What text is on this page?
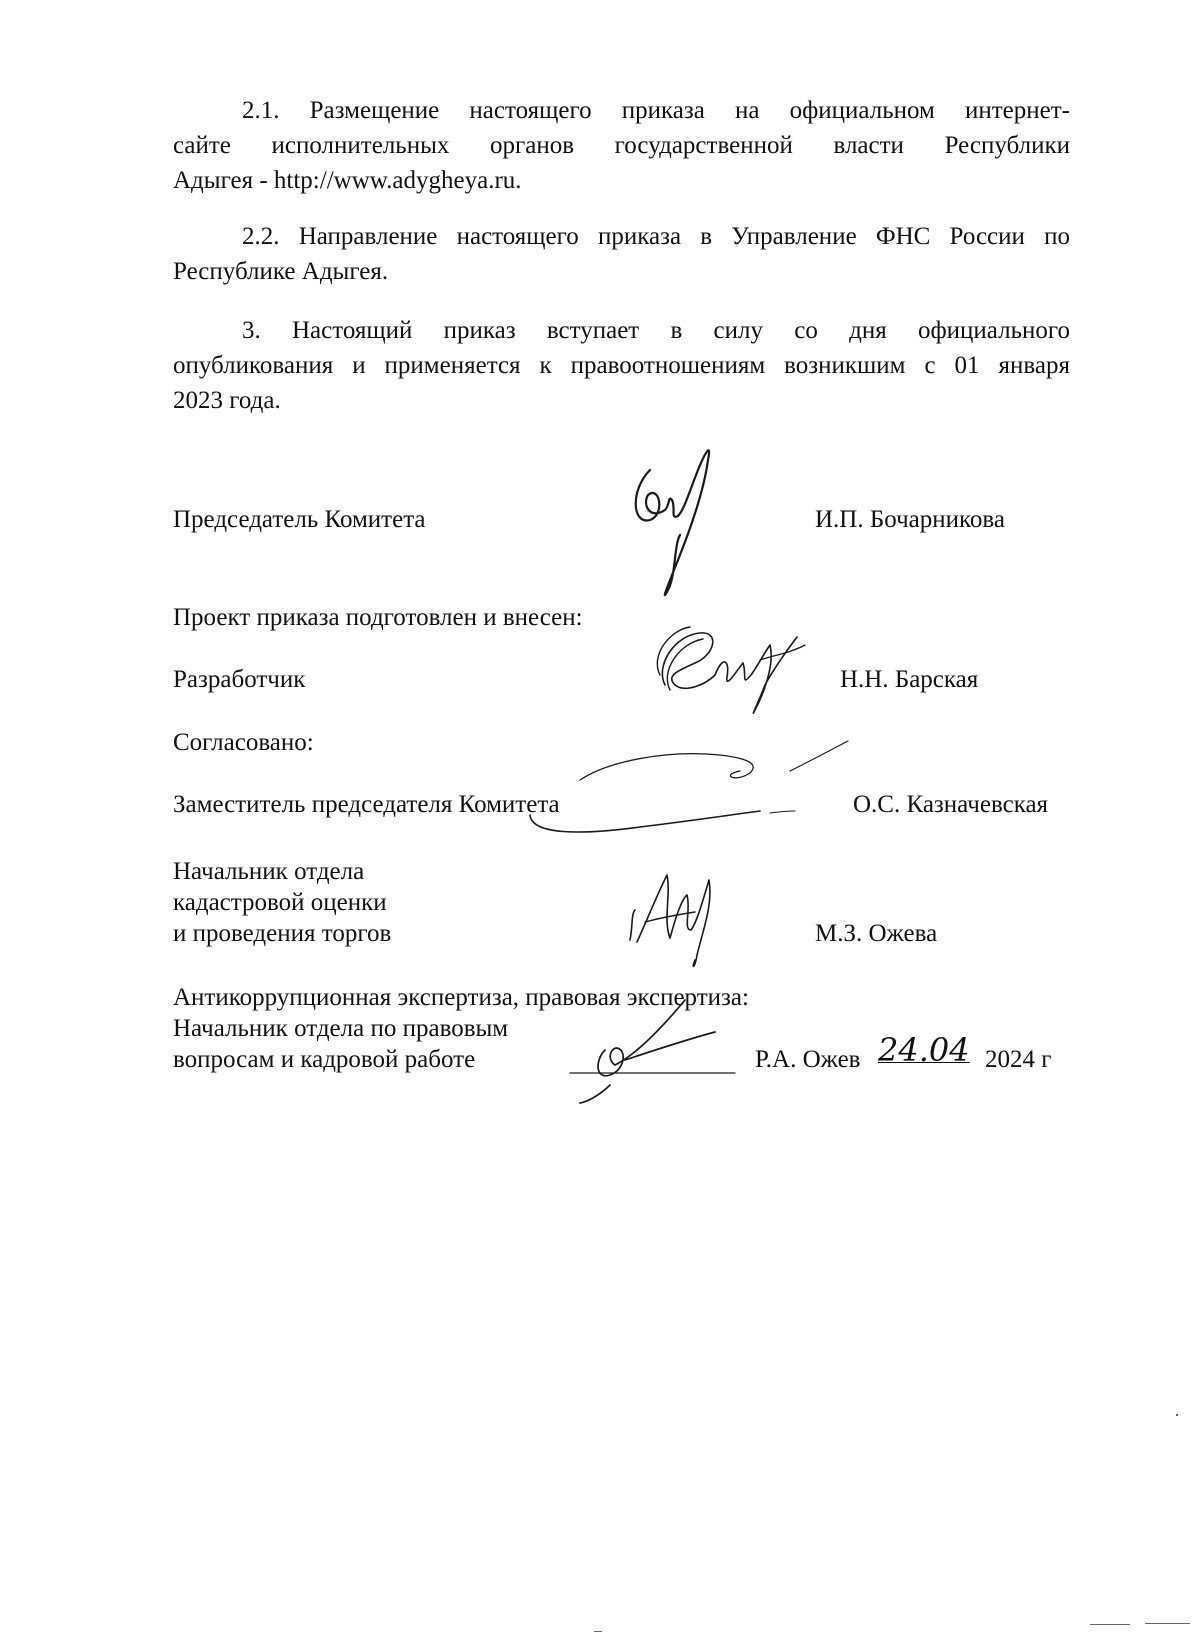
2.1. Размещение настоящего приказа на официальном интернет-
сайте исполнительных органов государственной власти Республики
Адыгея - http://www.adygheya.ru.
2.2. Направление настоящего приказа в Управление ФНС России по
Республике Адыгея.
3. Настоящий приказ вступает в силу со дня официального
опубликования и применяется к правоотношениям возникшим с 01 января
2023 года.
Председатель Комитета	И.П. Бочарникова
Проект приказа подготовлен и внесен:
Разработчик	Н.Н. Барская
Согласовано:
Заместитель председателя Комитета	О.С. Казначевская
Начальник отдела
кадастровой оценки
и проведения торгов	М.З. Ожева
Антикоррупционная экспертиза, правовая экспертиза:
Начальник отдела по правовым
вопросам и кадровой работе	Р.А. Ожев 24.04 2024 г
